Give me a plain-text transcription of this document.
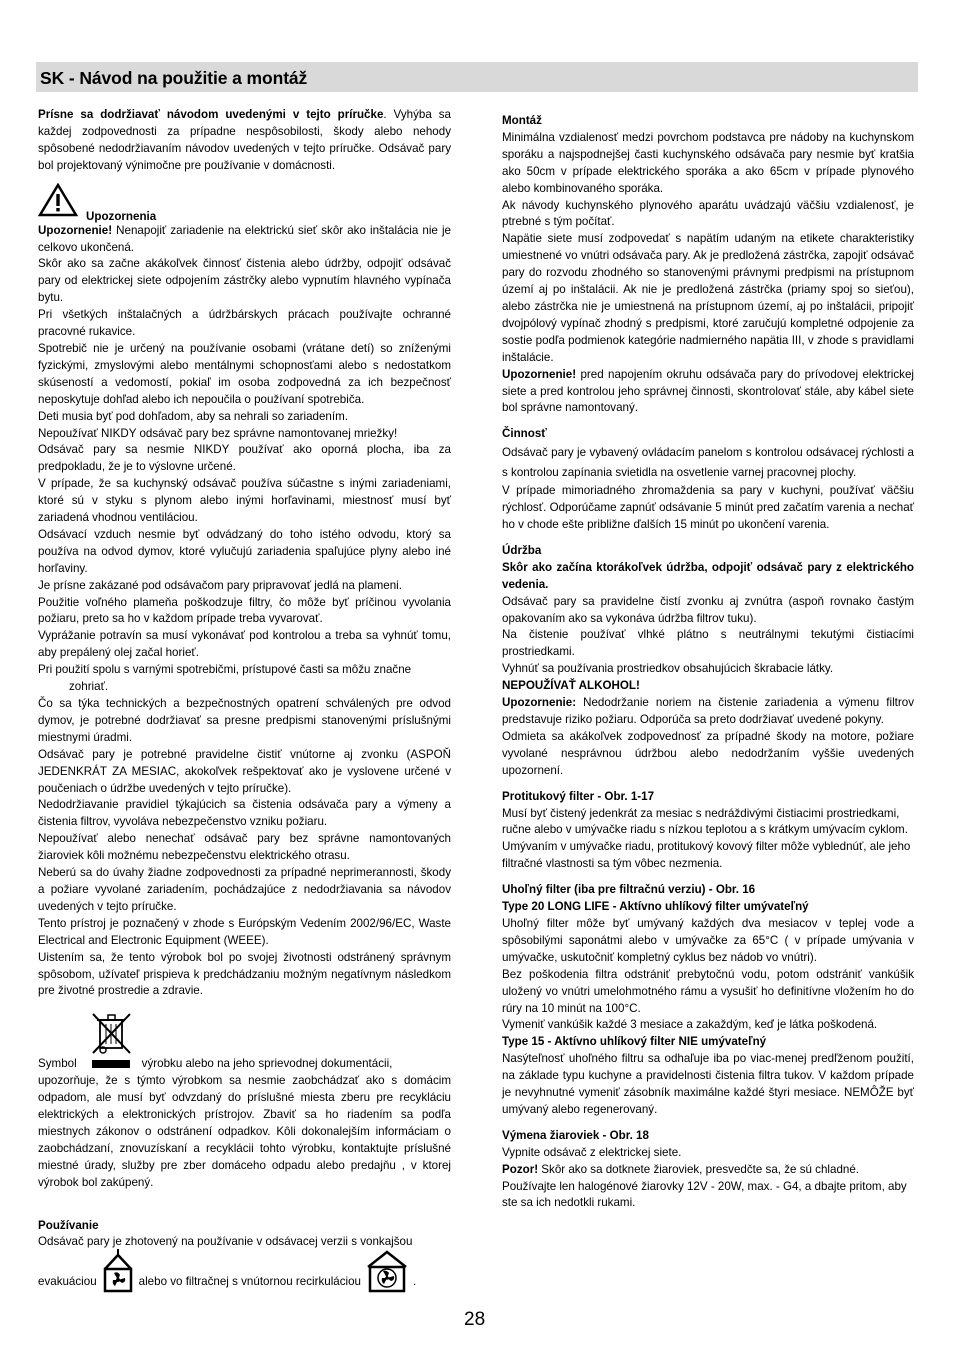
SK - Návod na použitie a montáž

Prísne sa dodržiavať návodom uvedenými v tejto príručke. Vyhýba sa každej zodpovednosti za prípadne nespôsobilosti, škody alebo nehody spôsobené nedodržiavaním návodov uvedených v tejto príručke. Odsávač pary bol projektovaný výnimočne pre používanie v domácnosti.

Upozornenia

Upozornenie! Nenapojiť zariadenie na elektrickú sieť skôr ako inštalácia nie je celkovo ukončená.

Skôr ako sa začne akákoľvek činnosť čistenia alebo údržby, odpojiť odsávač pary od elektrickej siete odpojením zástrčky alebo vypnutím hlavného vypínača bytu.

Pri všetkých inštalačných a údržbárskych prácach používajte ochranné pracovné rukavice.

Spotrebič nie je určený na používanie osobami (vrátane detí) so zníženými fyzickými, zmyslovými alebo mentálnymi schopnosťami alebo s nedostatkom skúseností a vedomostí, pokiaľ im osoba zodpovedná za ich bezpečnosť neposkytuje dohľad alebo ich nepoučila o používaní spotrebiča.

Deti musia byť pod dohľadom, aby sa nehrali so zariadením.

Nepoužívať NIKDY odsávač pary bez správne namontovanej mriežky!

Odsávač pary sa nesmie NIKDY používať ako oporná plocha, iba za predpokladu, že je to výslovne určené.

V prípade, že sa kuchynský odsávač používa súčastne s inými zariadeniami, ktoré sú v styku s plynom alebo inými horľavinami, miestnosť musí byť zariadená vhodnou ventiláciou.

Odsávací vzduch nesmie byť odvádzaný do toho istého odvodu, ktorý sa používa na odvod dymov, ktoré vylučujú zariadenia spaľujúce plyny alebo iné horľaviny.

Je prísne zakázané pod odsávačom pary pripravovať jedlá na plameni.

Použitie voľného plameňa poškodzuje filtry, čo môže byť príčinou vyvolania požiaru, preto sa ho v každom prípade treba vyvarovať.

Vyprážanie potravín sa musí vykonávať pod kontrolou a treba sa vyhnúť tomu, aby prepálený olej začal horieť.

Pri použití spolu s varnými spotrebičmi, prístupové časti sa môžu značne

zohriať.

Čo sa týka technických a bezpečnostných opatrení schválených pre odvod dymov, je potrebné dodržiavať sa presne predpismi stanovenými príslušnými miestnymi úradmi.

Odsávač pary je potrebné pravidelne čistiť vnútorne aj zvonku (ASPOŇ JEDENKRÁT ZA MESIAC, akokoľvek rešpektovať ako je vyslovene určené v poučeniach o údržbe uvedených v tejto príručke).

Nedodržiavanie pravidiel týkajúcich sa čistenia odsávača pary a výmeny a čistenia filtrov, vyvoláva nebezpečenstvo vzniku požiaru.

Nepoužívať alebo nenechať odsávač pary bez správne namontovaných žiaroviek kôli možnému nebezpečenstvu elektrického otrasu.

Neberú sa do úvahy žiadne zodpovednosti za prípadné neprimerannosti, škody a požiare vyvolané zariadením, pochádzajúce z nedodržiavania sa návodov uvedených v tejto príručke.

Tento prístroj je poznačený v zhode s Európským Vedením 2002/96/EC, Waste Electrical and Electronic Equipment (WEEE).

Uistením sa, že tento výrobok bol po svojej životnosti odstránený správnym spôsobom, užívateľ prispieva k predchádzaniu možným negatívnym následkom pre životné prostredie a zdravie.

Symbol	výrobku alebo na jeho sprievodnej dokumentácii,

upozorňuje, že s týmto výrobkom sa nesmie zaobchádzať ako s domácim odpadom, ale musí byť odvzdaný do príslušné miesta zberu pre recykláciu elektrických a elektronických prístrojov. Zbaviť sa ho riadením sa podľa miestnych zákonov o odstránení odpadkov. Kôli dokonalejším informáciam o zaobchádzaní, znovuzískaní a recyklácii tohto výrobku, kontaktujte príslušné miestné úrady, služby pre zber domáceho odpadu alebo predajňu , v ktorej výrobok bol zakúpený.

Používanie

Odsávač pary je zhotovený na používanie v odsávacej verzii s vonkajšou

evakuáciou	alebo vo filtračnej s vnútornou recirkuláciou	.

Montáž

Minimálna vzdialenosť medzi povrchom podstavca pre nádoby na kuchynskom sporáku a najspodnejšej časti kuchynského odsávača pary nesmie byť kratšia ako 50cm v prípade elektrického sporáka a ako 65cm v prípade plynového alebo kombinovaného sporáka.

Ak návody kuchynského plynového aparátu uvádzajú väčšiu vzdialenosť, je ptrebné s tým počítať.

Napätie siete musí zodpovedať s napätím udaným na etikete charakteristiky umiestnené vo vnútri odsávača pary. Ak je predložená zástrčka, zapojiť odsávač pary do rozvodu zhodného so stanovenými právnymi predpismi na prístupnom území aj po inštalácii. Ak nie je predložená zástrčka (priamy spoj so sieťou), alebo zástrčka nie je umiestnená na prístupnom území, aj po inštalácii, pripojiť dvojpólový vypínač zhodný s predpismi, ktoré zaručujú kompletné odpojenie za sostie podľa podmienok kategórie nadmierného napätia III, v zhode s pravidlami inštalácie.

Upozornenie! pred napojením okruhu odsávača pary do prívodovej elektrickej siete a pred kontrolou jeho správnej činnosti, skontrolovať stále, aby kábel siete bol správne namontovaný.

Činnosť

Odsávač pary je vybavený ovládacím panelom s kontrolou odsávacej rýchlosti a s kontrolou zapínania svietidla na osvetlenie varnej pracovnej plochy.

V prípade mimoriadného zhromaždenia sa pary v kuchyni, používať väčšiu rýchlosť. Odporúčame zapnúť odsávanie 5 minút pred začatím varenia a nechať ho v chode ešte približne ďalších 15 minút po ukončení varenia.

Údržba

Skôr ako začína ktorákoľvek údržba, odpojiť odsávač pary z elektrického vedenia.

Odsávač pary sa pravidelne čistí zvonku aj zvnútra (aspoň rovnako častým opakovaním ako sa vykonáva údržba filtrov tuku).

Na čistenie používať vlhké plátno s neutrálnymi tekutými čistiacími prostriedkami.

Vyhnúť sa používania prostriedkov obsahujúcich škrabacie látky.

NEPOUŽÍVAŤ ALKOHOL!

Upozornenie: Nedodržanie noriem na čistenie zariadenia a výmenu filtrov predstavuje riziko požiaru. Odporúča sa preto dodržiavať uvedené pokyny.

Odmieta sa akákoľvek zodpovednosť za prípadné škody na motore, požiare vyvolané nesprávnou údržbou alebo nedodržaním vyššie uvedených upozornení.

Protitukový filter - Obr. 1-17

Musí byť čistený jedenkrát za mesiac s nedráždivými čistiacimi prostriedkami, ručne alebo v umývačke riadu s nízkou teplotou a s krátkym umývacím cyklom. Umývaním v umývačke riadu, protitukový kovový filter môže vyblednúť, ale jeho filtračné vlastnosti sa tým vôbec nezmenia.

Uhoľný filter (iba pre filtračnú verziu) - Obr. 16

Type 20 LONG LIFE - Aktívno uhlíkový filter umývateľný

Uhoľný filter môže byť umývaný každých dva mesiacov v teplej vode a spôsobilými saponátmi alebo v umývačke za 65°C ( v prípade umývania v umývačke, uskutočniť kompletný cyklus bez nádob vo vnútri).

Bez poškodenia filtra odstrániť prebytočnú vodu, potom odstrániť vankúšik uložený vo vnútri umelohmotného rámu a vysušiť ho definitívne vložením ho do rúry na 10 minút na 100°C.

Vymeniť vankúšik každé 3 mesiace a zakaždým, keď je látka poškodená.

Type 15 - Aktívno uhlíkový filter NIE umývateľný

Nasýteľnosť uhoľného filtru sa odhaľuje iba po viac-menej predľženom použití, na základe typu kuchyne a pravidelnosti čistenia filtra tukov. V každom prípade je nevyhnutné vymeniť zásobník maximálne každé štyri mesiace. NEMÔŽE byť umývaný alebo regenerovaný.

Výmena žiaroviek - Obr. 18

Vypnite odsávač z elektrickej siete.

Pozor! Skôr ako sa dotknete žiaroviek, presvedčte sa, že sú chladné.

Používajte len halogénové žiarovky 12V - 20W, max. - G4, a dbajte pritom, aby ste sa ich nedotkli rukami.

28
